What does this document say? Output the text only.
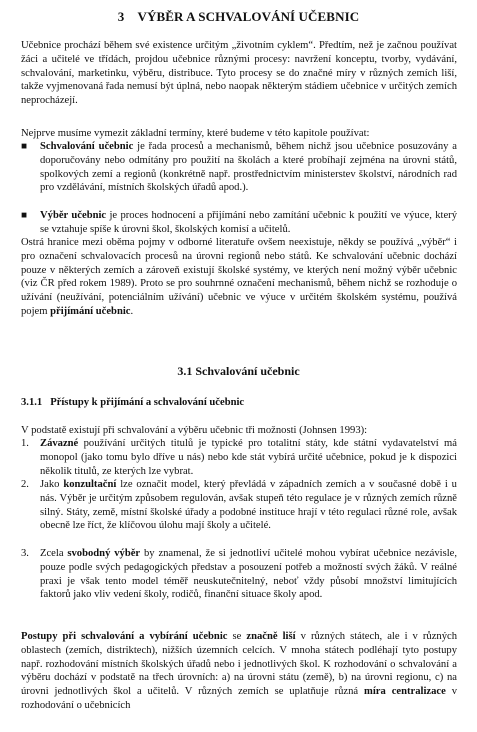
3 VÝBĚR A SCHVALOVÁNÍ UČEBNIC
Učebnice prochází během své existence určitým „životním cyklem“. Předtím, než je začnou používat žáci a učitelé ve třídách, projdou učebnice různými procesy: navržení konceptu, tvorby, vydávání, schvalování, marketinku, výběru, distribuce. Tyto procesy se do značné míry v různých zemích liší, takže vyjmenovaná řada nemusí být úplná, nebo naopak některým stádiem učebnice v určitých zemích neprocházejí.
Nejprve musíme vymezit základní termíny, které budeme v této kapitole používat:
■ Schvalování učebnic je řada procesů a mechanismů, během nichž jsou učebnice posuzovány a doporučovány nebo odmítány pro použití na školách a které probíhají zejména na úrovni států, spolkových zemí a regionů (konkrétně např. prostřednictvím ministerstev školství, národních rad pro vzdělávání, místních školských úřadů apod.).
■ Výběr učebnic je proces hodnocení a přijímání nebo zamítání učebnic k použití ve výuce, který se vztahuje spíše k úrovni škol, školských komisí a učitelů.
Ostrá hranice mezi oběma pojmy v odborné literatuře ovšem neexistuje, někdy se používá „výběr“ i pro označení schvalovacích procesů na úrovni regionů nebo států. Ke schvalování učebnic dochází pouze v některých zemích a zároveň existují školské systémy, ve kterých není možný výběr učebnic (viz ČR před rokem 1989). Proto se pro souhrnné označení mechanismů, během nichž se rozhoduje o užívání (neužívání, potenciálním užívání) učebnic ve výuce v určitém školském systému, používá pojem přijímání učebnic.
3.1 Schvalování učebnic
3.1.1 Přístupy k přijímání a schvalování učebnic
V podstatě existují při schvalování a výběru učebnic tři možnosti (Johnsen 1993):
1. Závazné používání určitých titulů je typické pro totalitní státy, kde státní vydavatelství má monopol (jako tomu bylo dříve u nás) nebo kde stát vybírá určité učebnice, pokud je k dispozici několik titulů, ze kterých lze vybrat.
2. Jako konzultační lze označit model, který převládá v západních zemích a v současné době i u nás. Výběr je určitým způsobem regulován, avšak stupeň této regulace je v různých zemích různě silný. Státy, země, místní školské úřady a podobné instituce hrají v této regulaci různé role, avšak obecně lze říct, že klíčovou úlohu mají školy a učitelé.
3. Zcela svobodný výběr by znamenal, že si jednotliví učitelé mohou vybírat učebnice nezávisle, pouze podle svých pedagogických představ a posouzení potřeb a možností svých žáků. V reálné praxi je však tento model téměř neuskutečnitelný, neboť vždy působí množství limitujících faktorů jako vliv vedení školy, rodičů, finanční situace školy apod.
Postupy při schvalování a vybírání učebnic se značně liší v různých státech, ale i v různých oblastech (zemích, distriktech), nižších územních celcích. V mnoha státech podléhají tyto postupy např. rozhodování místních školských úřadů nebo i jednotlivých škol. K rozhodování o schvalování a výběru dochází v podstatě na třech úrovních: a) na úrovni státu (země), b) na úrovni regionu, c) na úrovni jednotlivých škol a učitelů. V různých zemích se uplatňuje různá míra centralizace v rozhodování o učebnicích
